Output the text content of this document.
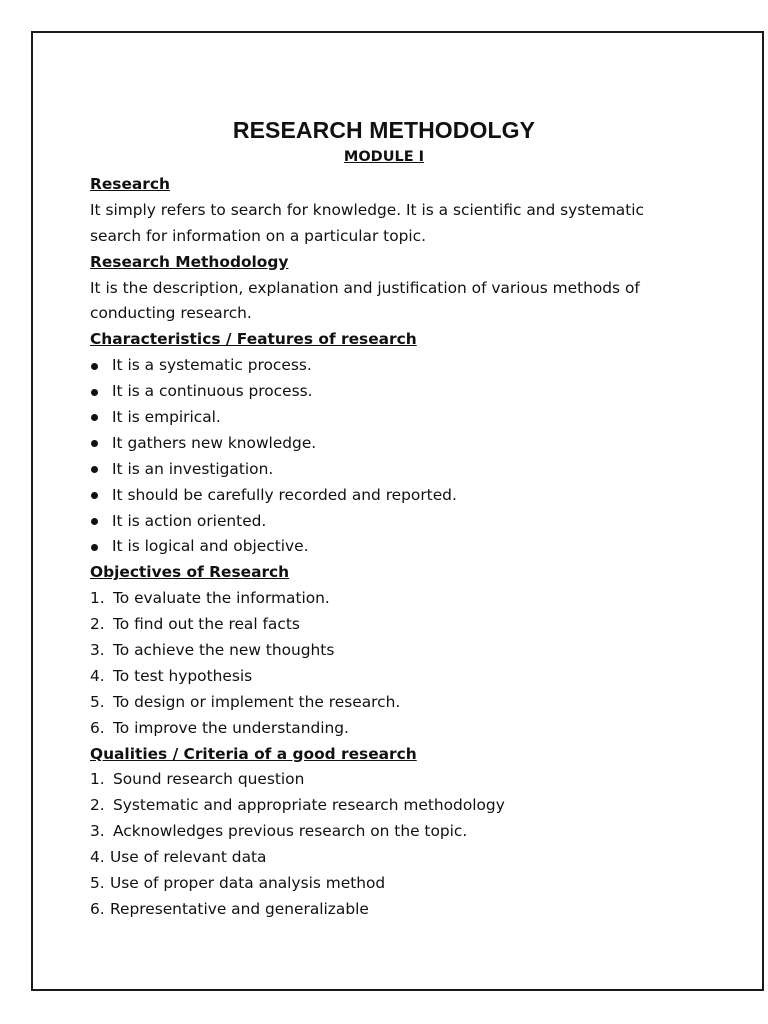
RESEARCH METHODOLGY
MODULE I
Research
It simply refers to search for knowledge. It is a scientific and systematic
search for information on a particular topic.
Research Methodology
It is the description, explanation and justification of various methods of
conducting research.
Characteristics / Features of research
It is a systematic process.
It is a continuous process.
It is empirical.
It gathers new knowledge.
It is an investigation.
It should be carefully recorded and reported.
It is action oriented.
It is logical and objective.
Objectives of Research
1. To evaluate the information.
2. To find out the real facts
3. To achieve the new thoughts
4. To test hypothesis
5. To design or implement the research.
6. To improve the understanding.
Qualities / Criteria of a good research
1. Sound research question
2. Systematic and appropriate research methodology
3. Acknowledges previous research on the topic.
4. Use of relevant data
5. Use of proper data analysis method
6. Representative and generalizable
